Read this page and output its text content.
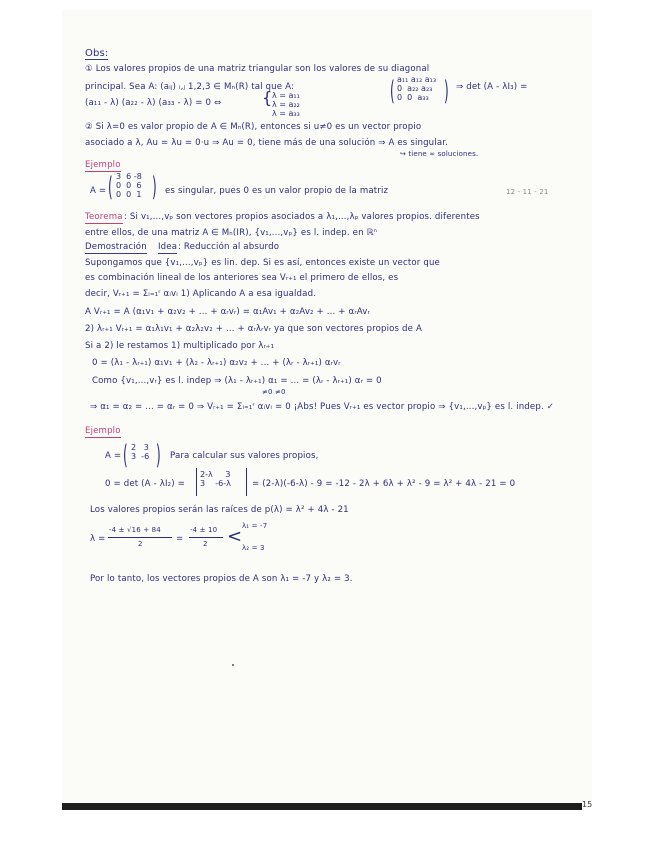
Obs:
① Los valores propios de una matriz triangular son los valores de su diagonal
principal. Sea A: (aᵢⱼ) ᵢ,ⱼ 1,2,3 ∈ Mₙ(R) tal que A:	( a₁₁ a₁₂ a₁₃
0  a₂₂ a₂₃
0  0  a₃₃	) ⇒ det (A - λI₃) =
(a₁₁ - λ) (a₂₂ - λ) (a₃₃ - λ) = 0 ⇔	{ λ = a₁₁
λ = a₂₂
λ = a₃₃
② Si λ=0 es valor propio de A ∈ Mₙ(R), entonces si u≠0 es un vector propio
asociado a λ, Au = λu = 0·u ⇒ Au = 0, tiene más de una solución ⇒ A es singular.
↪ tiene ∞ soluciones.
Ejemplo
A = ( 3  6 -8
0  0  6
0  0  1 ) es singular, pues 0 es un valor propio de la matriz	12 - 11 - 21
Teorema : Si v₁,...,vₚ son vectores propios asociados a λ₁,...,λₚ valores propios. diferentes
entre ellos, de una matriz A ∈ Mₙ(IR), {v₁,...,vₚ} es l. indep. en ℝⁿ
Demostración Idea : Reducción al absurdo
Supongamos que {v₁,...,vₚ} es lin. dep. Si es así, entonces existe un vector que
es combinación lineal de los anteriores sea Vᵣ₊₁ el primero de ellos, es
decir, Vᵣ₊₁ = Σᵢ₌₁ʳ αᵢvᵢ 1) Aplicando A a esa igualdad.
A Vᵣ₊₁ = A (α₁v₁ + α₂v₂ + ... + αᵣvᵣ) = α₁Av₁ + α₂Av₂ + ... + αᵣAvᵣ
2) λᵣ₊₁ Vᵣ₊₁ = α₁λ₁v₁ + α₂λ₂v₂ + ... + αᵣλᵣvᵣ ya que son vectores propios de A
Si a 2) le restamos 1) multiplicado por λᵣ₊₁
0 = (λ₁ - λᵣ₊₁) α₁v₁ + (λ₂ - λᵣ₊₁) α₂v₂ + ... + (λᵣ - λᵣ₊₁) αᵣvᵣ
Como {v₁,...,vᵣ} es l. indep ⇒ (λ₁ - λᵣ₊₁) α₁ = ... = (λᵣ - λᵣ₊₁) αᵣ = 0
≠0 ≠0
⇒ α₁ = α₂ = ... = αᵣ = 0 ⇒ Vᵣ₊₁ = Σᵢ₌₁ʳ αᵢvᵢ = 0 ¡Abs! Pues Vᵣ₊₁ es vector propio ⇒ {v₁,...,vₚ} es l. indep. ✓
Ejemplo
A = ( 2   3
3  -6 ) Para calcular sus valores propios,
0 = det (A - λI₂) =
2-λ     3
3    -6-λ = (2-λ)(-6-λ) - 9 = -12 - 2λ + 6λ + λ² - 9 = λ² + 4λ - 21 = 0
Los valores propios serán las raíces de p(λ) = λ² + 4λ - 21
λ =
-4 ± √16 + 84
2	=
-4 ± 10
2 < λ₁ = -7
λ₂ = 3
Por lo tanto, los vectores propios de A son λ₁ = -7 y λ₂ = 3.
15
